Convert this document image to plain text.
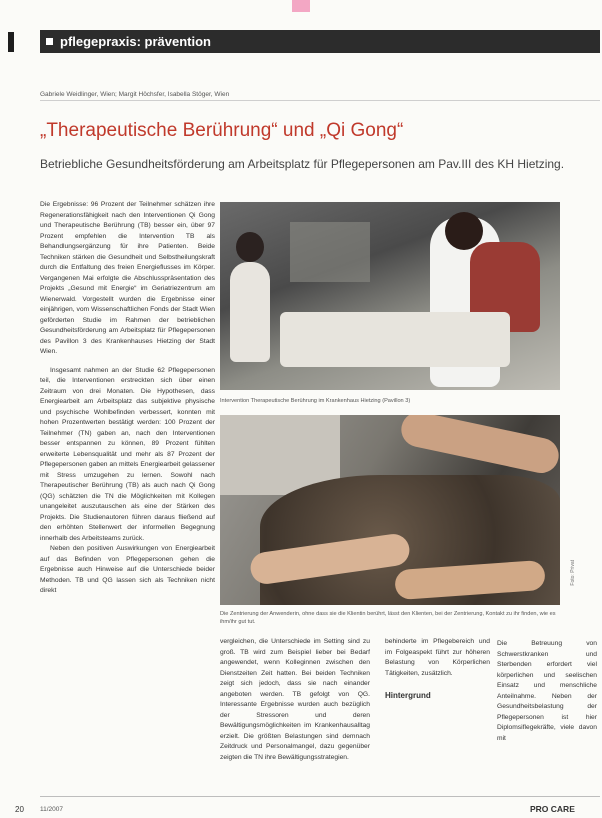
pflegepraxis: prävention
Gabriele Weidlinger, Wien; Margit Höchsfer, Isabella Stöger, Wien
„Therapeutische Berührung“ und „Qi Gong“
Betriebliche Gesundheitsförderung am Arbeitsplatz für Pflegepersonen am Pav.III des KH Hietzing.

Die Ergebnisse: 96 Prozent der Teilnehmer schätzen ihre Regenerationsfähigkeit nach den Interventionen Qi Gong und Therapeutische Berührung (TB) besser ein, über 97 Prozent empfehlen die Intervention TB als Behandlungsergänzung für ihre Patienten. Beide Techniken stärken die Gesundheit und Selbstheilungskraft durch die Entfaltung des freien Energieflusses im Körper. Vergangenen Mai erfolgte die Abschlusspräsentation des Projekts „Gesund mit Energie“ im Geriatriezentrum am Wienerwald. Vorgestellt wurden die Ergebnisse einer einjährigen, vom Wissenschaftlichen Fonds der Stadt Wien geförderten Studie im Rahmen der betrieblichen Gesundheitsförderung am Arbeitsplatz für Pflegepersonen des Pavillon 3 des Krankenhauses Hietzing der Stadt Wien.

Insgesamt nahmen an der Studie 62 Pflegepersonen teil, die Interventionen erstreckten sich über einen Zeitraum von drei Monaten. Die Hypothesen, dass Energiearbeit am Arbeitsplatz das subjektive physische und psychische Wohlbefinden verbessert, konnten mit hohen Prozentwerten bestätigt werden: 100 Prozent der Teilnehmer (TN) gaben an, nach den Interventionen besser entspannen zu können, 89 Prozent fühlten erweiterte Lebensqualität und mehr als 87 Prozent der Pflegepersonen gaben an mittels Energiearbeit gelassener mit Stress umzugehen zu lernen. Sowohl nach Therapeutischer Berührung (TB) als auch nach Qi Gong (QG) schätzten die TN die Möglichkeiten mit Kollegen unangeleitet auszutauschen als eine der Stärken des Projekts. Die Studienautoren führen daraus fließend auf den erhöhten Stellenwert der informellen Begegnung innerhalb des Arbeitsteams zurück.

Neben den positiven Auswirkungen von Energiearbeit auf das Befinden von Pflegepersonen gehen die Ergebnisse auch Hinweise auf die Unterschiede beider Methoden. TB und QG lassen sich als Techniken nicht direkt

Intervention Therapeutische Berührung im Krankenhaus Hietzing (Pavillon 3)
Foto: Privat
Die Zentrierung der Anwenderin, ohne dass sie die Klientin berührt, lässt den Klienten, bei der Zentrierung, Kontakt zu ihr finden, wie es ihm/ihr gut tut.
vergleichen, die Unterschiede im Setting sind zu groß. TB wird zum Beispiel lieber bei Bedarf angewendet, wenn Kolleginnen zwischen den Dienstzeiten Zeit hatten. Bei beiden Techniken zeigt sich jedoch, dass sie nach einander angeboten werden. TB gefolgt von QG. Interessante Ergebnisse wurden auch bezüglich der Stressoren und deren Bewältigungsmöglichkeiten im Krankenhausalltag erzielt. Die größten Belastungen sind demnach Zeitdruck und Personalmangel, dazu gegenüber zeigten die TN ihre Bewältigungsstrategien.

behinderte im Pflegebereich und im Folgeaspekt führt zur höheren Belastung von Körperlichen Tätigkeiten, zusätzlich.

Hintergrund

Die Betreuung von Schwerstkranken und Sterbenden erfordert viel körperlichen und seelischen Einsatz und menschliche Anteilnahme. Neben der Gesundheitsbelastung der Pflegepersonen ist hier Diplomsiflegekräfte, viele davon mit

20 11/2007	PRO CARE
